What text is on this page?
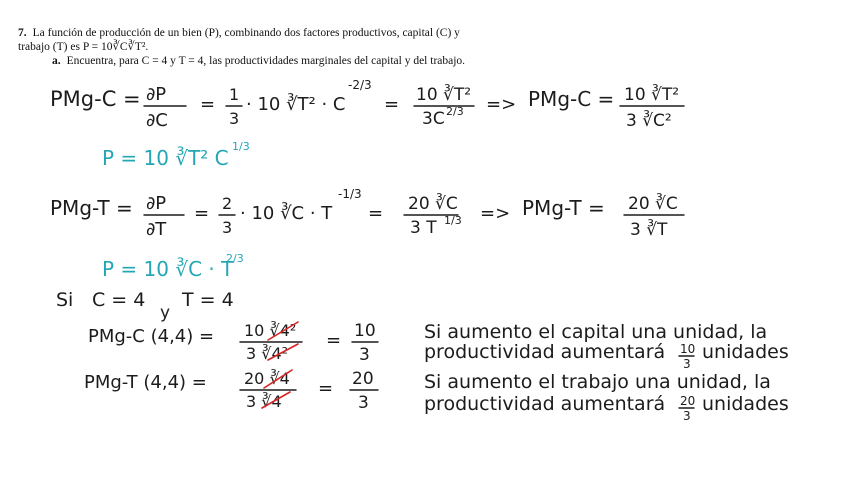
7. La función de producción de un bien (P), combinando dos factores productivos, capital (C) y
trabajo (T) es P = 10∛C∛T².
a. Encuentra, para C = 4 y T = 4, las productividades marginales del capital y del trabajo.
PMg-C = ∂P
∂C
= 1
3
· 10 ∛T² · C
-2/3
= 10 ∛T²
3C 2/3 => PMg-C = 10 ∛T²
3 ∛C²
P = 10 ∛T² C 1/3
PMg-T = ∂P
∂T
= 2
3
· 10 ∛C · T
-1/3
= 20 ∛C
3 T 1/3 => PMg-T = 20 ∛C
3 ∛T
P = 10 ∛C · T
2/3
Si C = 4
y
T = 4
PMg-C (4,4) = 10 ∛4²
3 ∛4²
= 10
3
Si aumento el capital una unidad, la
productividad aumentará 10
3
unidades
PMg-T (4,4) = 20 ∛4
3 ∛4
= 20
3
Si aumento el trabajo una unidad, la
productividad aumentará 20
3
unidades
